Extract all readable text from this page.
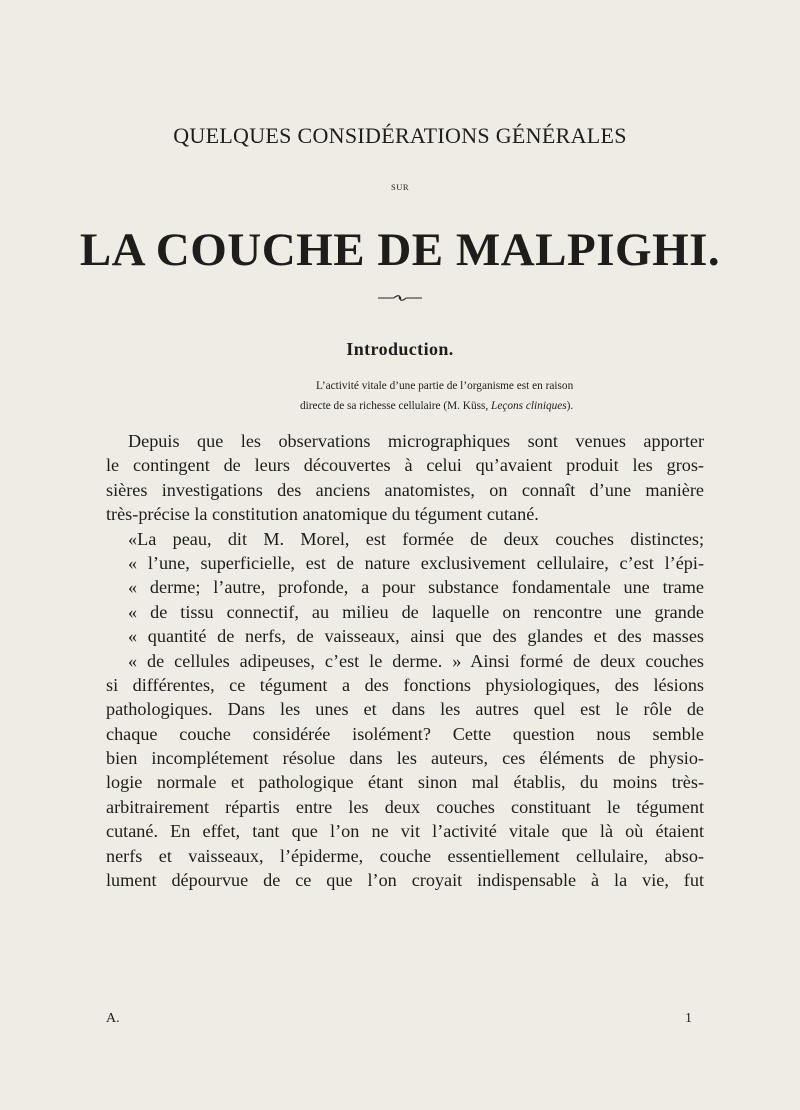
QUELQUES CONSIDÉRATIONS GÉNÉRALES
SUR
LA COUCHE DE MALPIGHI.
Introduction.
L’activité vitale d’une partie de l’organisme est en raison
directe de sa richesse cellulaire (M. Küss, Leçons cliniques).
Depuis que les observations micrographiques sont venues apporter
le contingent de leurs découvertes à celui qu’avaient produit les gros-
sières investigations des anciens anatomistes, on connaît d’une manière
très-précise la constitution anatomique du tégument cutané.
«La peau, dit M. Morel, est formée de deux couches distinctes;
« l’une, superficielle, est de nature exclusivement cellulaire, c’est l’épi-
« derme; l’autre, profonde, a pour substance fondamentale une trame
« de tissu connectif, au milieu de laquelle on rencontre une grande
« quantité de nerfs, de vaisseaux, ainsi que des glandes et des masses
« de cellules adipeuses, c’est le derme. » Ainsi formé de deux couches
si différentes, ce tégument a des fonctions physiologiques, des lésions
pathologiques. Dans les unes et dans les autres quel est le rôle de
chaque couche considérée isolément? Cette question nous semble
bien incomplétement résolue dans les auteurs, ces éléments de physio-
logie normale et pathologique étant sinon mal établis, du moins très-
arbitrairement répartis entre les deux couches constituant le tégument
cutané. En effet, tant que l’on ne vit l’activité vitale que là où étaient
nerfs et vaisseaux, l’épiderme, couche essentiellement cellulaire, abso-
lument dépourvue de ce que l’on croyait indispensable à la vie, fut
A.	1
